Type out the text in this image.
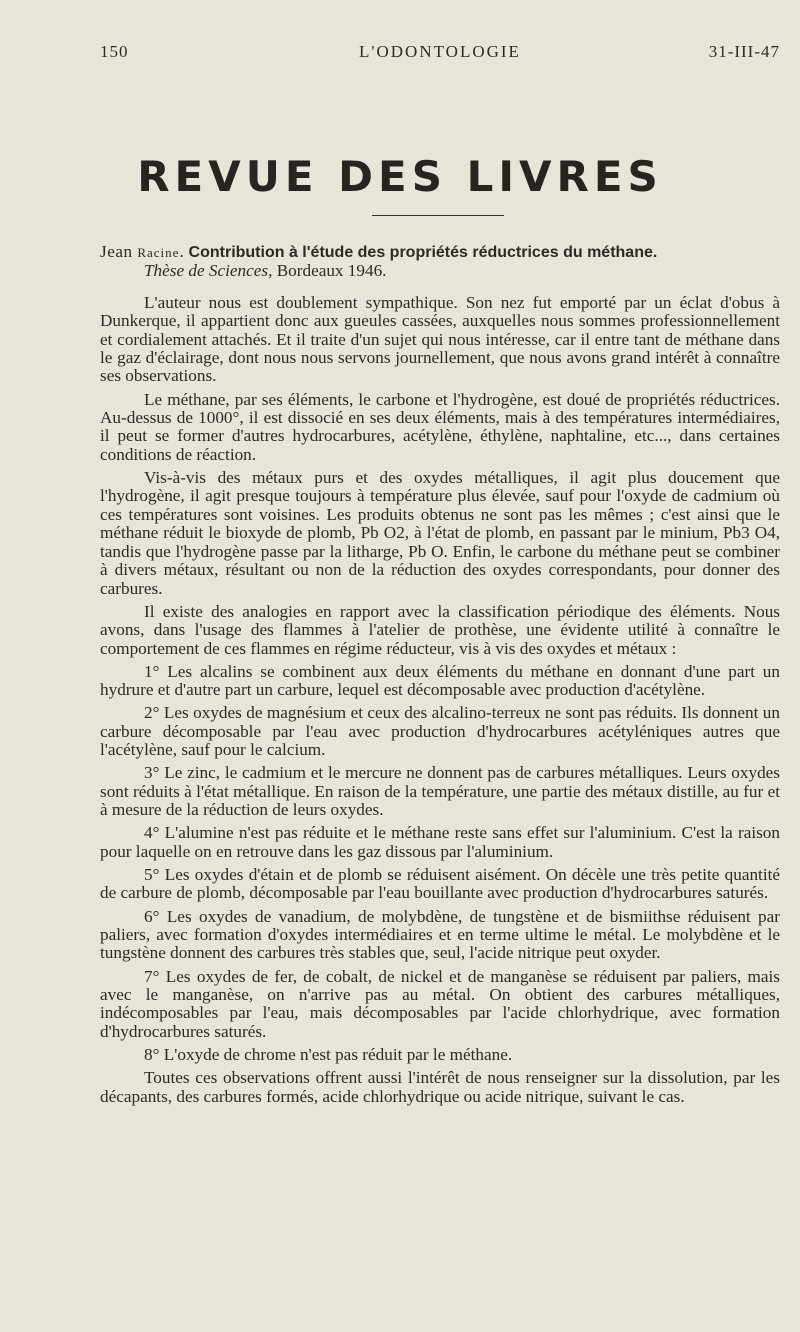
150	L'ODONTOLOGIE	31-III-47
REVUE DES LIVRES

Jean Racine. Contribution à l'étude des propriétés réductrices du méthane.
Thèse de Sciences, Bordeaux 1946.

L'auteur nous est doublement sympathique. Son nez fut emporté par un éclat d'obus à Dunkerque, il appartient donc aux gueules cassées, auxquelles nous sommes professionnellement et cordialement attachés. Et il traite d'un sujet qui nous intéresse, car il entre tant de méthane dans le gaz d'éclairage, dont nous nous servons journellement, que nous avons grand intérêt à connaître ses observations.

Le méthane, par ses éléments, le carbone et l'hydrogène, est doué de propriétés réductrices. Au-dessus de 1000°, il est dissocié en ses deux éléments, mais à des températures intermédiaires, il peut se former d'autres hydrocarbures, acétylène, éthylène, naphtaline, etc..., dans certaines conditions de réaction.

Vis-à-vis des métaux purs et des oxydes métalliques, il agit plus doucement que l'hydrogène, il agit presque toujours à température plus élevée, sauf pour l'oxyde de cadmium où ces températures sont voisines. Les produits obtenus ne sont pas les mêmes ; c'est ainsi que le méthane réduit le bioxyde de plomb, Pb O2, à l'état de plomb, en passant par le minium, Pb3 O4, tandis que l'hydrogène passe par la litharge, Pb O. Enfin, le carbone du méthane peut se combiner à divers métaux, résultant ou non de la réduction des oxydes correspondants, pour donner des carbures.

Il existe des analogies en rapport avec la classification périodique des éléments. Nous avons, dans l'usage des flammes à l'atelier de prothèse, une évidente utilité à connaître le comportement de ces flammes en régime réducteur, vis à vis des oxydes et métaux :

1° Les alcalins se combinent aux deux éléments du méthane en donnant d'une part un hydrure et d'autre part un carbure, lequel est décomposable avec production d'acétylène.

2° Les oxydes de magnésium et ceux des alcalino-terreux ne sont pas réduits. Ils donnent un carbure décomposable par l'eau avec production d'hydrocarbures acétyléniques autres que l'acétylène, sauf pour le calcium.

3° Le zinc, le cadmium et le mercure ne donnent pas de carbures métalliques. Leurs oxydes sont réduits à l'état métallique. En raison de la température, une partie des métaux distille, au fur et à mesure de la réduction de leurs oxydes.

4° L'alumine n'est pas réduite et le méthane reste sans effet sur l'aluminium. C'est la raison pour laquelle on en retrouve dans les gaz dissous par l'aluminium.

5° Les oxydes d'étain et de plomb se réduisent aisément. On décèle une très petite quantité de carbure de plomb, décomposable par l'eau bouillante avec production d'hydrocarbures saturés.

6° Les oxydes de vanadium, de molybdène, de tungstène et de bismiithse réduisent par paliers, avec formation d'oxydes intermédiaires et en terme ultime le métal. Le molybdène et le tungstène donnent des carbures très stables que, seul, l'acide nitrique peut oxyder.

7° Les oxydes de fer, de cobalt, de nickel et de manganèse se réduisent par paliers, mais avec le manganèse, on n'arrive pas au métal. On obtient des carbures métalliques, indécomposables par l'eau, mais décomposables par l'acide chlorhydrique, avec formation d'hydrocarbures saturés.

8° L'oxyde de chrome n'est pas réduit par le méthane.

Toutes ces observations offrent aussi l'intérêt de nous renseigner sur la dissolution, par les décapants, des carbures formés, acide chlorhydrique ou acide nitrique, suivant le cas.
